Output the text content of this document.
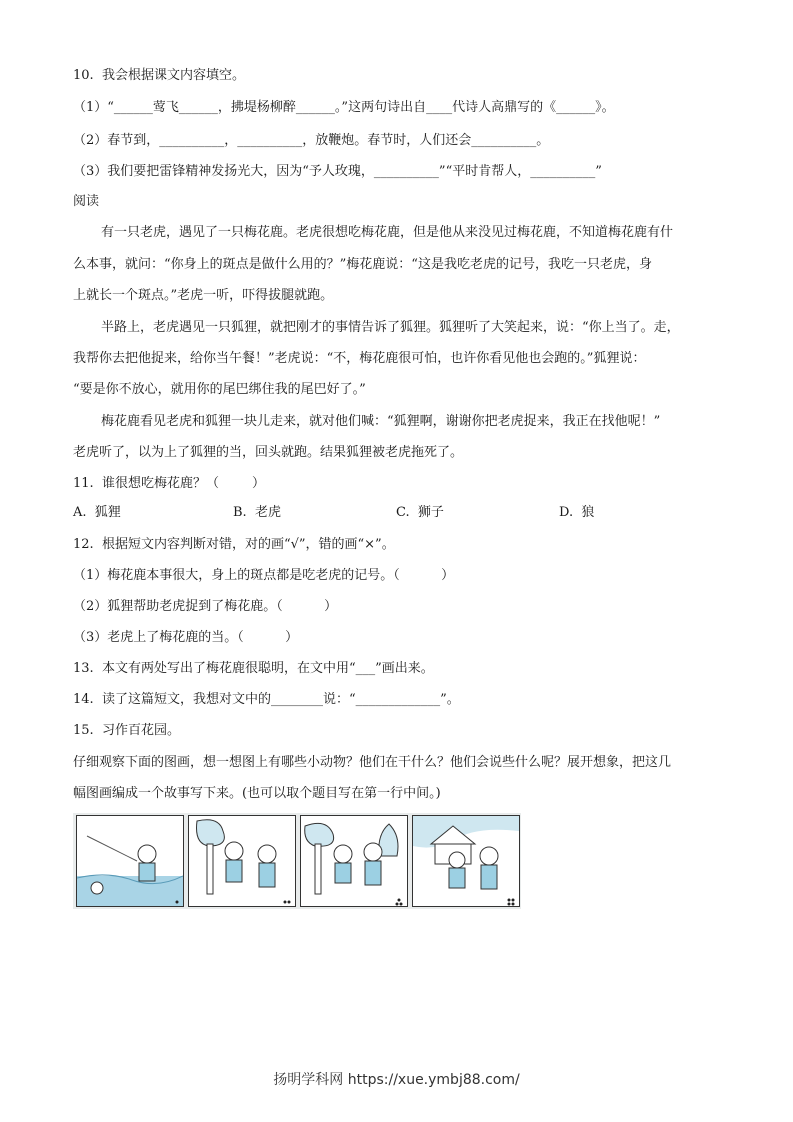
10.  我会根据课文内容填空。
（1）“______莺飞______，拂堤杨柳醉______。”这两句诗出自____代诗人高鼎写的《______》。
（2）春节到，__________，__________，放鞭炮。春节时，人们还会__________。
（3）我们要把雷锋精神发扬光大，因为“予人玫瑰，__________”“平时肯帮人，__________”
阅读
有一只老虎，遇见了一只梅花鹿。老虎很想吃梅花鹿，但是他从来没见过梅花鹿，不知道梅花鹿有什
么本事，就问：“你身上的斑点是做什么用的？”梅花鹿说：“这是我吃老虎的记号，我吃一只老虎，身
上就长一个斑点。”老虎一听，吓得拔腿就跑。
半路上，老虎遇见一只狐狸，就把刚才的事情告诉了狐狸。狐狸听了大笑起来，说：“你上当了。走，
我帮你去把他捉来，给你当午餐！”老虎说：“不，梅花鹿很可怕，也许你看见他也会跑的。”狐狸说：
“要是你不放心，就用你的尾巴绑住我的尾巴好了。”
梅花鹿看见老虎和狐狸一块儿走来，就对他们喊：“狐狸啊，谢谢你把老虎捉来，我正在找他呢！”
老虎听了，以为上了狐狸的当，回头就跑。结果狐狸被老虎拖死了。
11.  谁很想吃梅花鹿？（        ）
A.  狐狸	B.  老虎	C.  狮子	D.  狼
12.  根据短文内容判断对错，对的画“√”，错的画“×”。
（1）梅花鹿本事很大，身上的斑点都是吃老虎的记号。（          ）
（2）狐狸帮助老虎捉到了梅花鹿。（          ）
（3）老虎上了梅花鹿的当。（          ）
13.  本文有两处写出了梅花鹿很聪明，在文中用“___”画出来。
14.  读了这篇短文，我想对文中的________说：“_____________”。
15.  习作百花园。
仔细观察下面的图画，想一想图上有哪些小动物？他们在干什么？他们会说些什么呢？展开想象，把这几
幅图画编成一个故事写下来。(也可以取个题目写在第一行中间。)
扬明学科网 https://xue.ymbj88.com/
